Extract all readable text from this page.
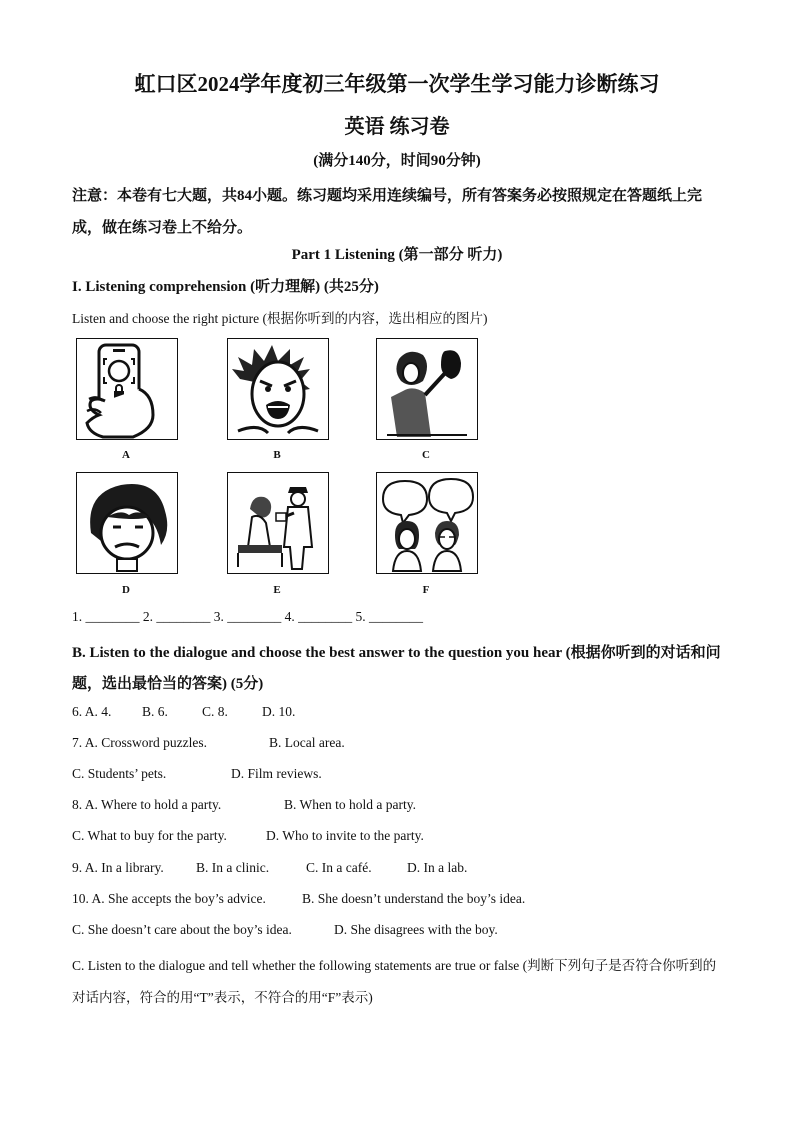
虹口区2024学年度初三年级第一次学生学习能力诊断练习
英语 练习卷
(满分140分，时间90分钟)
注意：本卷有七大题，共84小题。练习题均采用连续编号，所有答案务必按照规定在答题纸上完成，做在练习卷上不给分。
Part 1 Listening (第一部分 听力)
I. Listening comprehension (听力理解) (共25分)
Listen and choose the right picture (根据你听到的内容，选出相应的图片)
A	B	C
D	E	F
1. ________ 2. ________ 3. ________ 4. ________ 5. ________
B. Listen to the dialogue and choose the best answer to the question you hear (根据你听到的对话和问题，选出最恰当的答案) (5分)
6. A. 4. B. 6.	C. 8.	D. 10.
7. A. Crossword puzzles.	B. Local area.
C. Students’ pets.	D. Film reviews.
8. A. Where to hold a party.	B. When to hold a party.
C. What to buy for the party.	D. Who to invite to the party.
9. A. In a library. B. In a clinic.	C. In a café.	D. In a lab.
10. A. She accepts the boy’s advice.	B. She doesn’t understand the boy’s idea.
C. She doesn’t care about the boy’s idea.	D. She disagrees with the boy.
C. Listen to the dialogue and tell whether the following statements are true or false (判断下列句子是否符合你听到的对话内容，符合的用“T”表示，不符合的用“F”表示)
